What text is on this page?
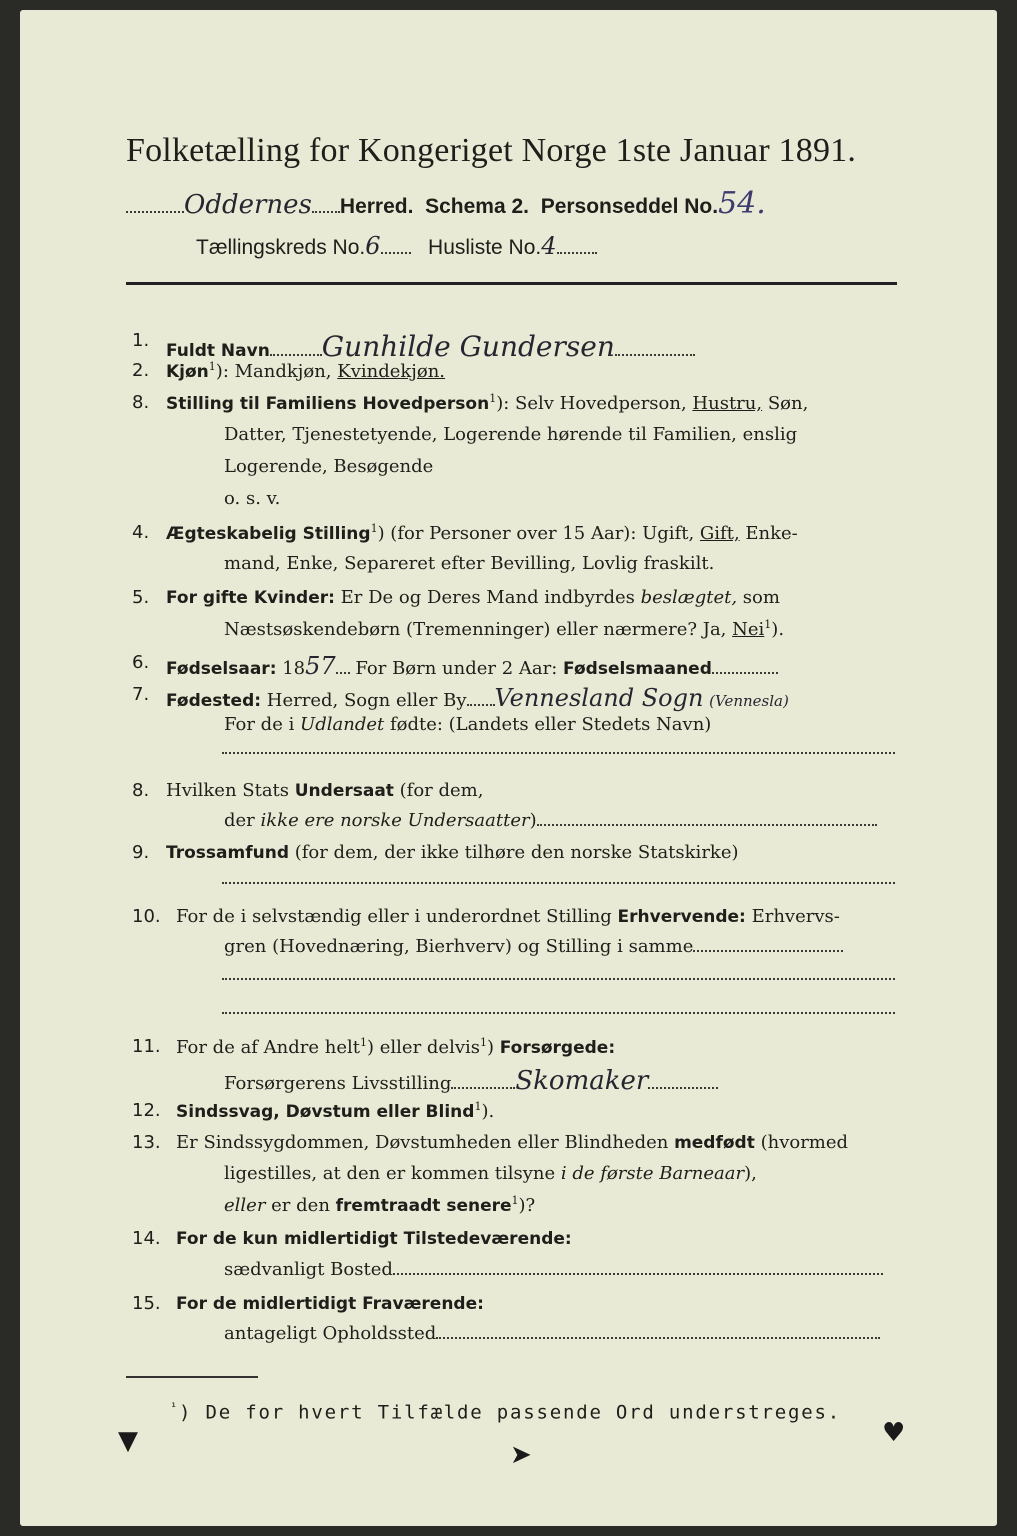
Folketælling for Kongeriget Norge 1ste Januar 1891.
Oddernes Herred. Schema 2. Personseddel No.54.
Tællingskreds No.6 Husliste No.4
1. Fuldt Navn Gunhilde Gundersen
2. Kjøn$^1$): Mandkjøn, Kvindekjøn.
8. Stilling til Familiens Hovedperson$^1$): Selv Hovedperson, Hustru, Søn,
Datter, Tjenestetyende, Logerende hørende til Familien, enslig
Logerende, Besøgende
o. s. v.
4. Ægteskabelig Stilling$^1$) (for Personer over 15 Aar): Ugift, Gift, Enke-
mand, Enke, Separeret efter Bevilling, Lovlig fraskilt.
5. For gifte Kvinder: Er De og Deres Mand indbyrdes beslægtet, som
Næstsøskendebørn (Tremenninger) eller nærmere? Ja, Nei$^1$).
6. Fødselsaar: 1857 For Børn under 2 Aar: Fødselsmaaned
7. Fødested: Herred, Sogn eller By Vennesland Sogn (Vennesla)
For de i Udlandet fødte: (Landets eller Stedets Navn)
8. Hvilken Stats Undersaat (for dem,
der ikke ere norske Undersaatter)
9. Trossamfund (for dem, der ikke tilhøre den norske Statskirke)
10. For de i selvstændig eller i underordnet Stilling Erhvervende: Erhvervs-
gren (Hovednæring, Bierhverv) og Stilling i samme
11. For de af Andre helt$^1$) eller delvis$^1$) Forsørgede:
Forsørgerens Livsstilling Skomaker
12. Sindssvag, Døvstum eller Blind$^1$).
13. Er Sindssygdommen, Døvstumheden eller Blindheden medfødt (hvormed
ligestilles, at den er kommen tilsyne i de første Barneaar),
eller er den fremtraadt senere$^1$)?
14. For de kun midlertidigt Tilstedeværende:
sædvanligt Bosted
15. For de midlertidigt Fraværende:
antageligt Opholdssted
$^{^1}$) De for hvert Tilfælde passende Ord understreges.
▼	➤
♥
